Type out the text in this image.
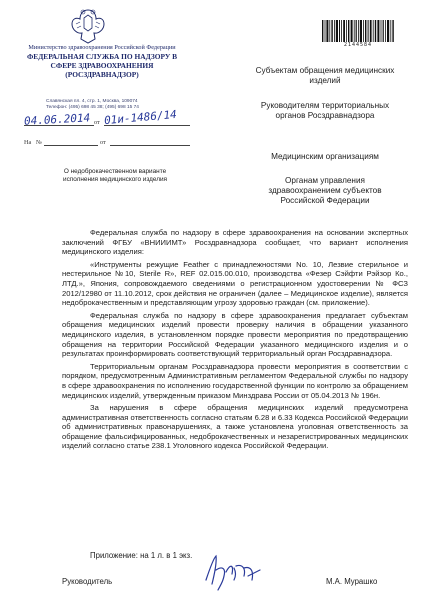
Министерство здравоохранения Российской Федерации
ФЕДЕРАЛЬНАЯ СЛУЖБА ПО НАДЗОРУ В СФЕРЕ ЗДРАВООХРАНЕНИЯ (РОСЗДРАВНАДЗОР)
Славянская пл. 4, стр. 1, Москва, 109074
Телефон: (495) 698 45 38; (495) 698 15 74
от
04.06.2014 01и-1486/14
На №	от
О недоброкачественном варианте исполнения медицинского изделия
2144584
Субъектам обращения медицинских изделий
Руководителям территориальных органов Росздравнадзора
Медицинским организациям
Органам управления здравоохранением субъектов Российской Федерации

Федеральная служба по надзору в сфере здравоохранения на основании экспертных заключений ФГБУ «ВНИИИМТ» Росздравнадзора сообщает, что вариант исполнения медицинского изделия:

«Инструменты режущие Feather с принадлежностями No. 10, Лезвие стерильное и нестерильное №10, Sterile R», REF 02.015.00.010, производства «Фезер Сэйфти Рэйзор Ко., ЛТД.», Япония, сопровождаемого сведениями о регистрационном удостоверении № ФСЗ 2012/12980 от 11.10.2012, срок действия не ограничен (далее – Медицинское изделие), является недоброкачественным и представляющим угрозу здоровью граждан (см. приложение).

Федеральная служба по надзору в сфере здравоохранения предлагает субъектам обращения медицинских изделий провести проверку наличия в обращении указанного медицинского изделия, в установленном порядке провести мероприятия по предотвращению обращения на территории Российской Федерации указанного медицинского изделия и о результатах проинформировать соответствующий территориальный орган Росздравнадзора.

Территориальным органам Росздравнадзора провести мероприятия в соответствии с порядком, предусмотренным Административным регламентом Федеральной службы по надзору в сфере здравоохранения по исполнению государственной функции по контролю за обращением медицинских изделий, утвержденным приказом Минздрава России от 05.04.2013 № 196н.

За нарушения в сфере обращения медицинских изделий предусмотрена административная ответственность согласно статьям 6.28 и 6.33 Кодекса Российской Федерации об административных правонарушениях, а также установлена уголовная ответственность за обращение фальсифицированных, недоброкачественных и незарегистрированных медицинских изделий согласно статье 238.1 Уголовного кодекса Российской Федерации.

Приложение: на 1 л. в 1 экз.
Руководитель	М.А. Мурашко
